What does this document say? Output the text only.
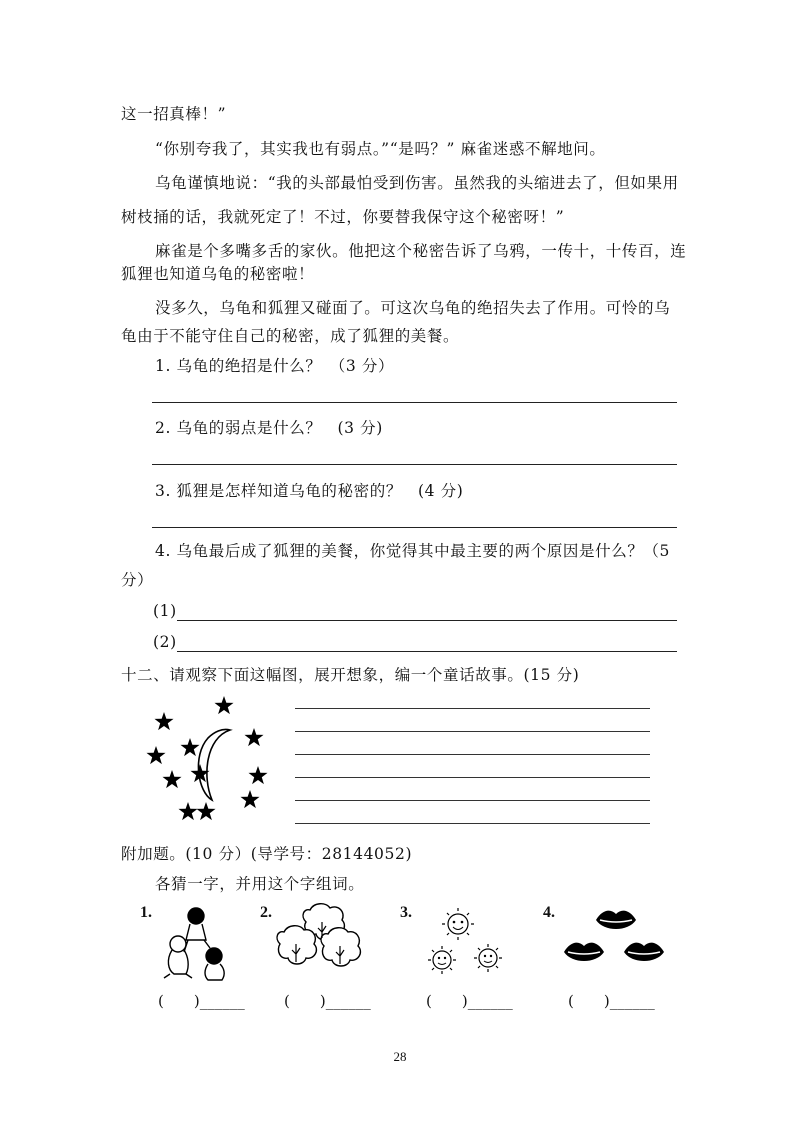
这一招真棒！”
“你别夸我了，其实我也有弱点。”“是吗？” 麻雀迷惑不解地问。
乌龟谨慎地说：“我的头部最怕受到伤害。虽然我的头缩进去了，但如果用
树枝捅的话，我就死定了！不过，你要替我保守这个秘密呀！”
麻雀是个多嘴多舌的家伙。他把这个秘密告诉了乌鸦，一传十，十传百，连
狐狸也知道乌龟的秘密啦！
没多久，乌龟和狐狸又碰面了。可这次乌龟的绝招失去了作用。可怜的乌
龟由于不能守住自己的秘密，成了狐狸的美餐。
1. 乌龟的绝招是什么？　（3 分）
2. 乌龟的弱点是什么？　(3 分)
3. 狐狸是怎样知道乌龟的秘密的？　(4 分)
4. 乌龟最后成了狐狸的美餐，你觉得其中最主要的两个原因是什么？（5
分）
(1)
(2)
十二、请观察下面这幅图，展开想象，编一个童话故事。(15 分)
附加题。(10 分）(导学号：28144052)
各猜一字，并用这个字组词。
1.
(　　)______
2.
(　　)______
3.
(　　)______
4.
(　　)______
28
